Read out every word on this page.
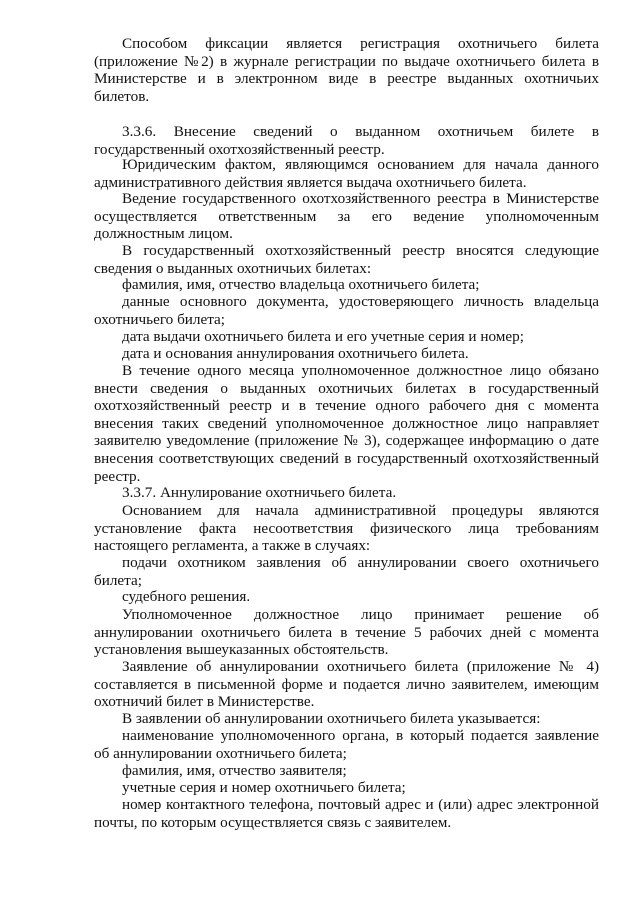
Способом фиксации является регистрация охотничьего билета (приложение №2) в журнале регистрации по выдаче охотничьего билета в Министерстве и в электронном виде в реестре выданных охотничьих билетов.

3.3.6. Внесение сведений о выданном охотничьем билете в государственный охотхозяйственный реестр.

Юридическим фактом, являющимся основанием для начала данного административного действия является выдача охотничьего билета.

Ведение государственного охотхозяйственного реестра в Министерстве осуществляется ответственным за его ведение уполномоченным должностным лицом.

В государственный охотхозяйственный реестр вносятся следующие сведения о выданных охотничьих билетах:

фамилия, имя, отчество владельца охотничьего билета;

данные основного документа, удостоверяющего личность владельца охотничьего билета;

дата выдачи охотничьего билета и его учетные серия и номер;

дата и основания аннулирования охотничьего билета.

В течение одного месяца уполномоченное должностное лицо обязано внести сведения о выданных охотничьих билетах в государственный охотхозяйственный реестр и в течение одного рабочего дня с момента внесения таких сведений уполномоченное должностное лицо направляет заявителю уведомление (приложение № 3), содержащее информацию о дате внесения соответствующих сведений в государственный охотхозяйственный реестр.

3.3.7. Аннулирование охотничьего билета.

Основанием для начала административной процедуры являются установление факта несоответствия физического лица требованиям настоящего регламента, а также в случаях:

подачи охотником заявления об аннулировании своего охотничьего билета;

судебного решения.

Уполномоченное должностное лицо принимает решение об аннулировании охотничьего билета в течение 5 рабочих дней с момента установления вышеуказанных обстоятельств.

Заявление об аннулировании охотничьего билета (приложение № 4) составляется в письменной форме и подается лично заявителем, имеющим охотничий билет в Министерстве.

В заявлении об аннулировании охотничьего билета указывается:

наименование уполномоченного органа, в который подается заявление об аннулировании охотничьего билета;

фамилия, имя, отчество заявителя;

учетные серия и номер охотничьего билета;

номер контактного телефона, почтовый адрес и (или) адрес электронной почты, по которым осуществляется связь с заявителем.
